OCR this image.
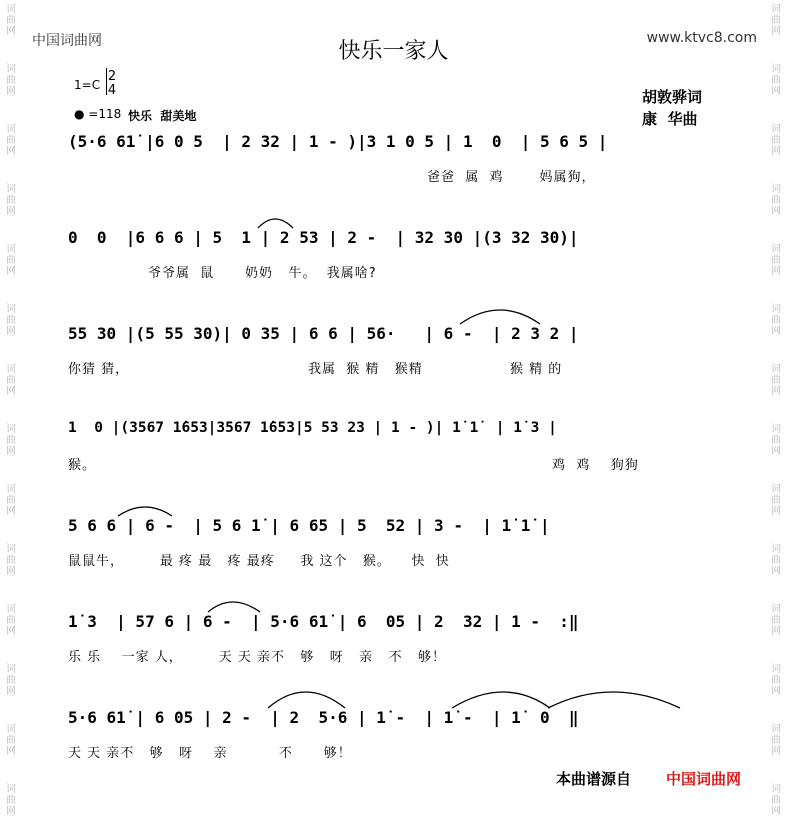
词
曲
网
词
曲
网
词
曲
网
词
曲
网
词
曲
网
词
曲
网
词
曲
网
词
曲
网
词
曲
网
词
曲
网
词
曲
网
词
曲
网
词
曲
网
词
曲
网
词
曲
网
词
曲
网
词
曲
网
词
曲
网
词
曲
网
词
曲
网
词
曲
网
词
曲
网
词
曲
网
词
曲
网
词
曲
网
词
曲
网
词
曲
网
词
曲
网
中国词曲网	www.ktvc8.com
快乐一家人
1=C
2
4
● =118 快乐  甜美地
胡敦骅词
康  华曲
(5·6 61̇ |6 0 5  | 2 32 | 1 - )|3 1 0 5 | 1  0  | 5 6 5 |
爸爸  属  鸡       妈属狗，
0  0  |6 6 6 | 5  1 | 2 53 | 2 -  | 32 30 |(3 32 30)|
爷爷属  鼠      奶奶   牛。  我属啥?
55 30 |(5 55 30)| 0 35 | 6 6 | 56·   | 6 -  | 2 3 2 |
你猜 猜，	我属  猴 精   猴精                 猴 精 的
1  0 |(3567 1̇653|3567 1̇653|5 53 23 | 1 - )| 1̇ 1̇  | 1̇ 3 |
猴。	鸡  鸡    狗狗
5 6 6 | 6 -  | 5 6 1̇ | 6 65 | 5  52 | 3 -  | 1̇ 1̇ |
鼠鼠牛，       最 疼 最   疼 最疼     我 这个   猴。    快  快
1̇ 3  | 57 6 | 6 -  | 5·6 61̇ | 6  05 | 2  32 | 1 -  :‖
乐 乐    一家 人，       天 天 亲不   够   呀   亲   不   够！
5·6 61̇ | 6 05 | 2 -  | 2  5·6 | 1̇ -  | 1̇ -  | 1̇  0  ‖
天 天 亲不   够   呀    亲          不      够！
本曲谱源自 中国词曲网
